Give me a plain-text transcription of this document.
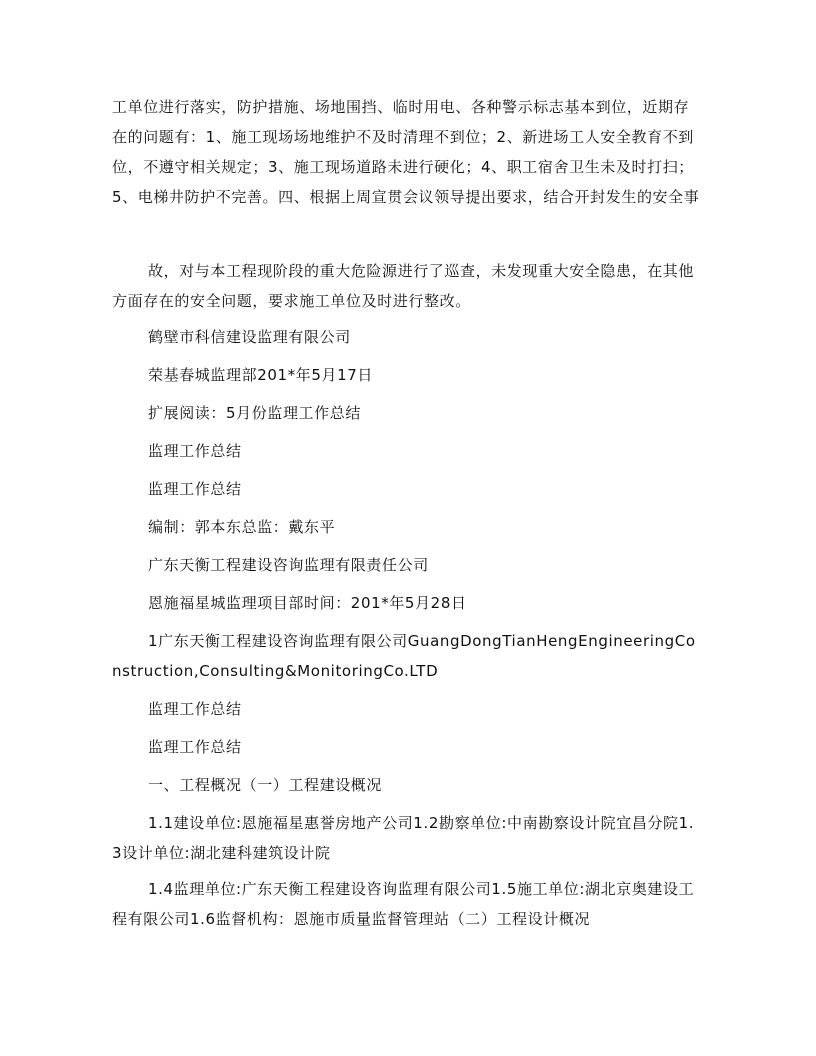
工单位进行落实，防护措施、场地围挡、临时用电、各种警示标志基本到位，近期存在的问题有：1、施工现场场地维护不及时清理不到位；2、新进场工人安全教育不到位，不遵守相关规定；3、施工现场道路未进行硬化；4、职工宿舍卫生未及时打扫；5、电梯井防护不完善。四、根据上周宣贯会议领导提出要求，结合开封发生的安全事

故，对与本工程现阶段的重大危险源进行了巡查，未发现重大安全隐患，在其他方面存在的安全问题，要求施工单位及时进行整改。

鹤壁市科信建设监理有限公司
荣基春城监理部201*年5月17日
扩展阅读：5月份监理工作总结
监理工作总结
监理工作总结
编制：郭本东总监：戴东平
广东天衡工程建设咨询监理有限责任公司
恩施福星城监理项目部时间：201*年5月28日

1广东天衡工程建设咨询监理有限公司GuangDongTianHengEngineeringConstruction,Consulting&MonitoringCo.LTD

监理工作总结
监理工作总结
一、工程概况（一）工程建设概况

1.1建设单位:恩施福星惠誉房地产公司1.2勘察单位:中南勘察设计院宜昌分院1.3设计单位:湖北建科建筑设计院

1.4监理单位:广东天衡工程建设咨询监理有限公司1.5施工单位:湖北京奥建设工程有限公司1.6监督机构：恩施市质量监督管理站（二）工程设计概况
